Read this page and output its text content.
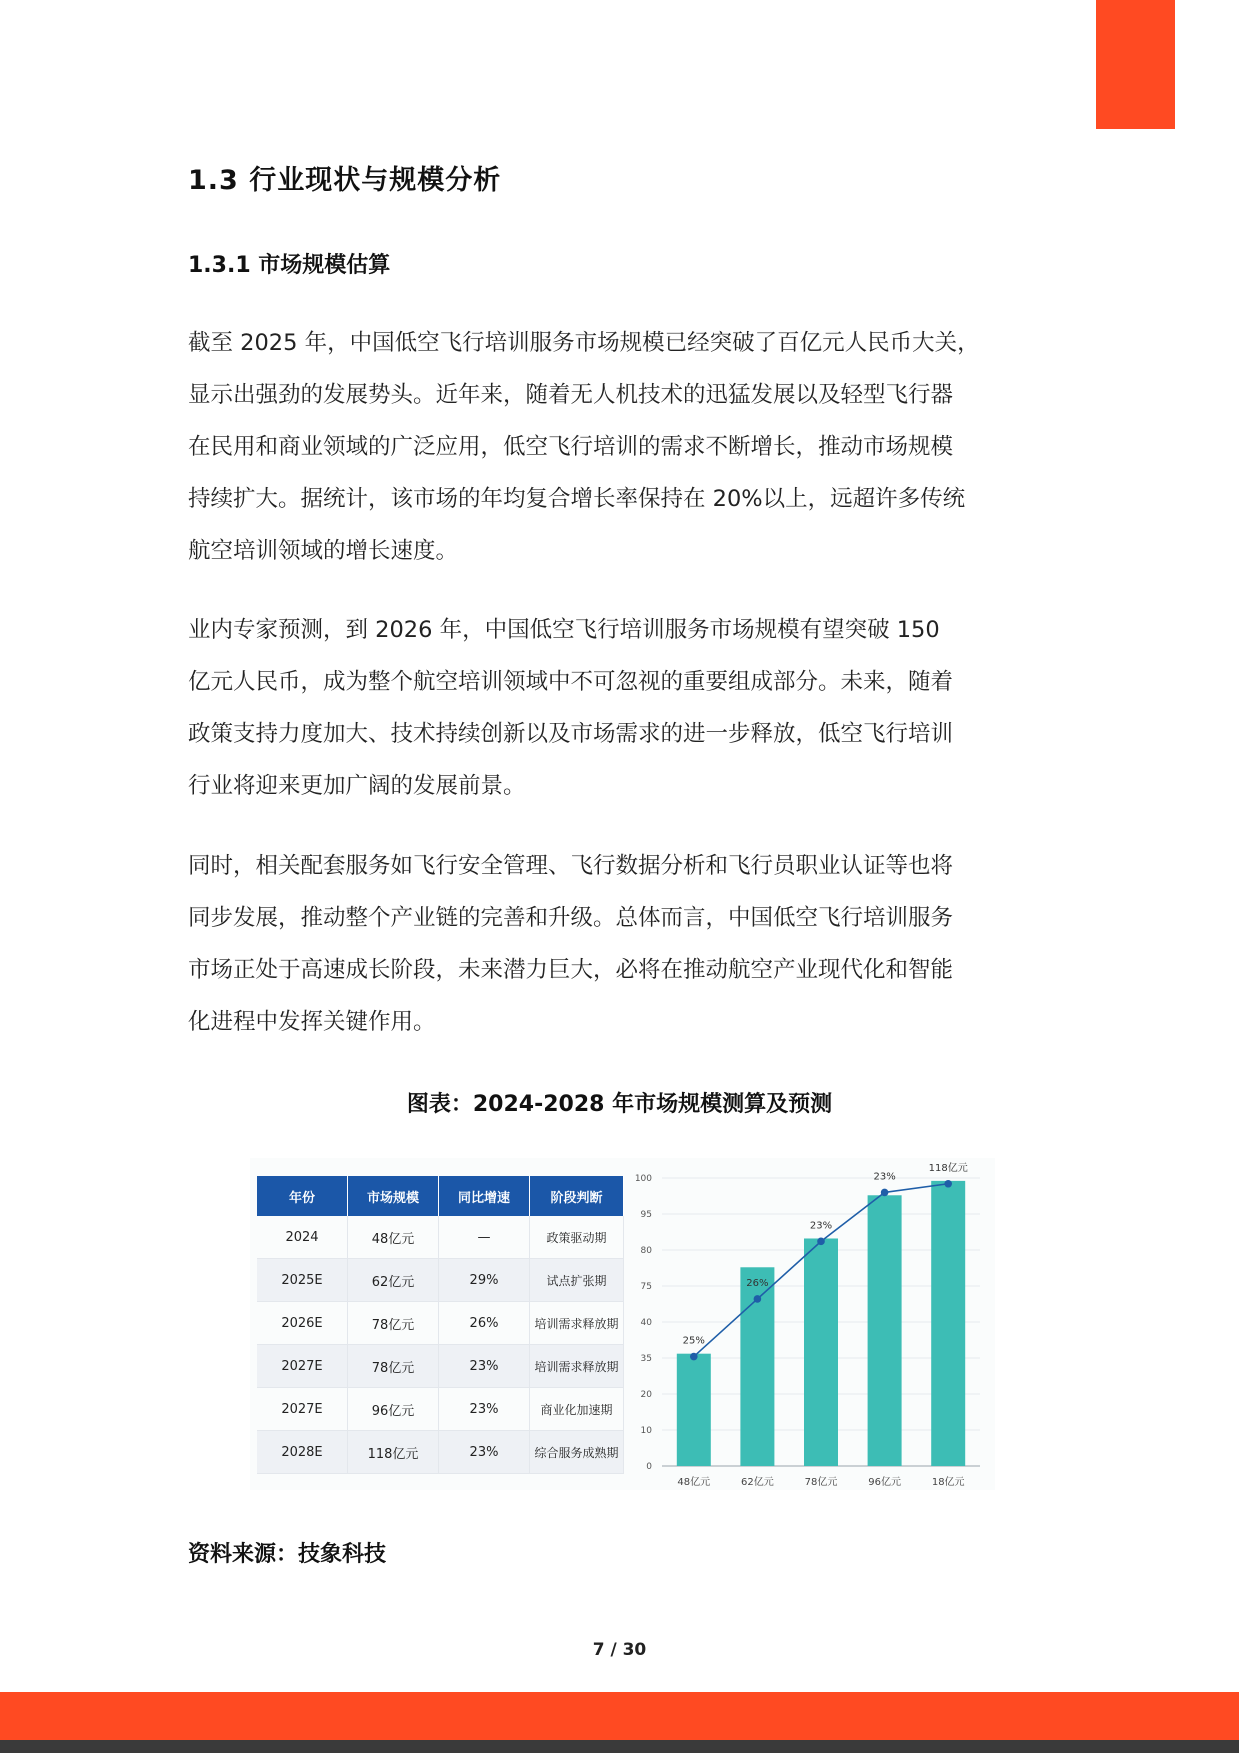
1.3 行业现状与规模分析
1.3.1 市场规模估算

截至 2025 年，中国低空飞行培训服务市场规模已经突破了百亿元人民币大关，
显示出强劲的发展势头。近年来，随着无人机技术的迅猛发展以及轻型飞行器
在民用和商业领域的广泛应用，低空飞行培训的需求不断增长，推动市场规模
持续扩大。据统计，该市场的年均复合增长率保持在 20%以上，远超许多传统
航空培训领域的增长速度。

业内专家预测，到 2026 年，中国低空飞行培训服务市场规模有望突破 150
亿元人民币，成为整个航空培训领域中不可忽视的重要组成部分。未来，随着
政策支持力度加大、技术持续创新以及市场需求的进一步释放，低空飞行培训
行业将迎来更加广阔的发展前景。

同时，相关配套服务如飞行安全管理、飞行数据分析和飞行员职业认证等也将
同步发展，推动整个产业链的完善和升级。总体而言，中国低空飞行培训服务
市场正处于高速成长阶段，未来潜力巨大，必将在推动航空产业现代化和智能
化进程中发挥关键作用。

图表：2024-2028 年市场规模测算及预测
年份	市场规模	同比增速	阶段判断
2024	48亿元	—	政策驱动期
2025E	62亿元	29%	试点扩张期
2026E	78亿元	26%	培训需求释放期
2027E	78亿元	23%	培训需求释放期
2027E	96亿元	23%	商业化加速期
2028E	118亿元	23%	综合服务成熟期
0
10
20
35
40
75
80
95
100
48亿元	62亿元	78亿元	96亿元	18亿元
25%
26%
23%
23%
118亿元
资料来源：技象科技
7 / 30
